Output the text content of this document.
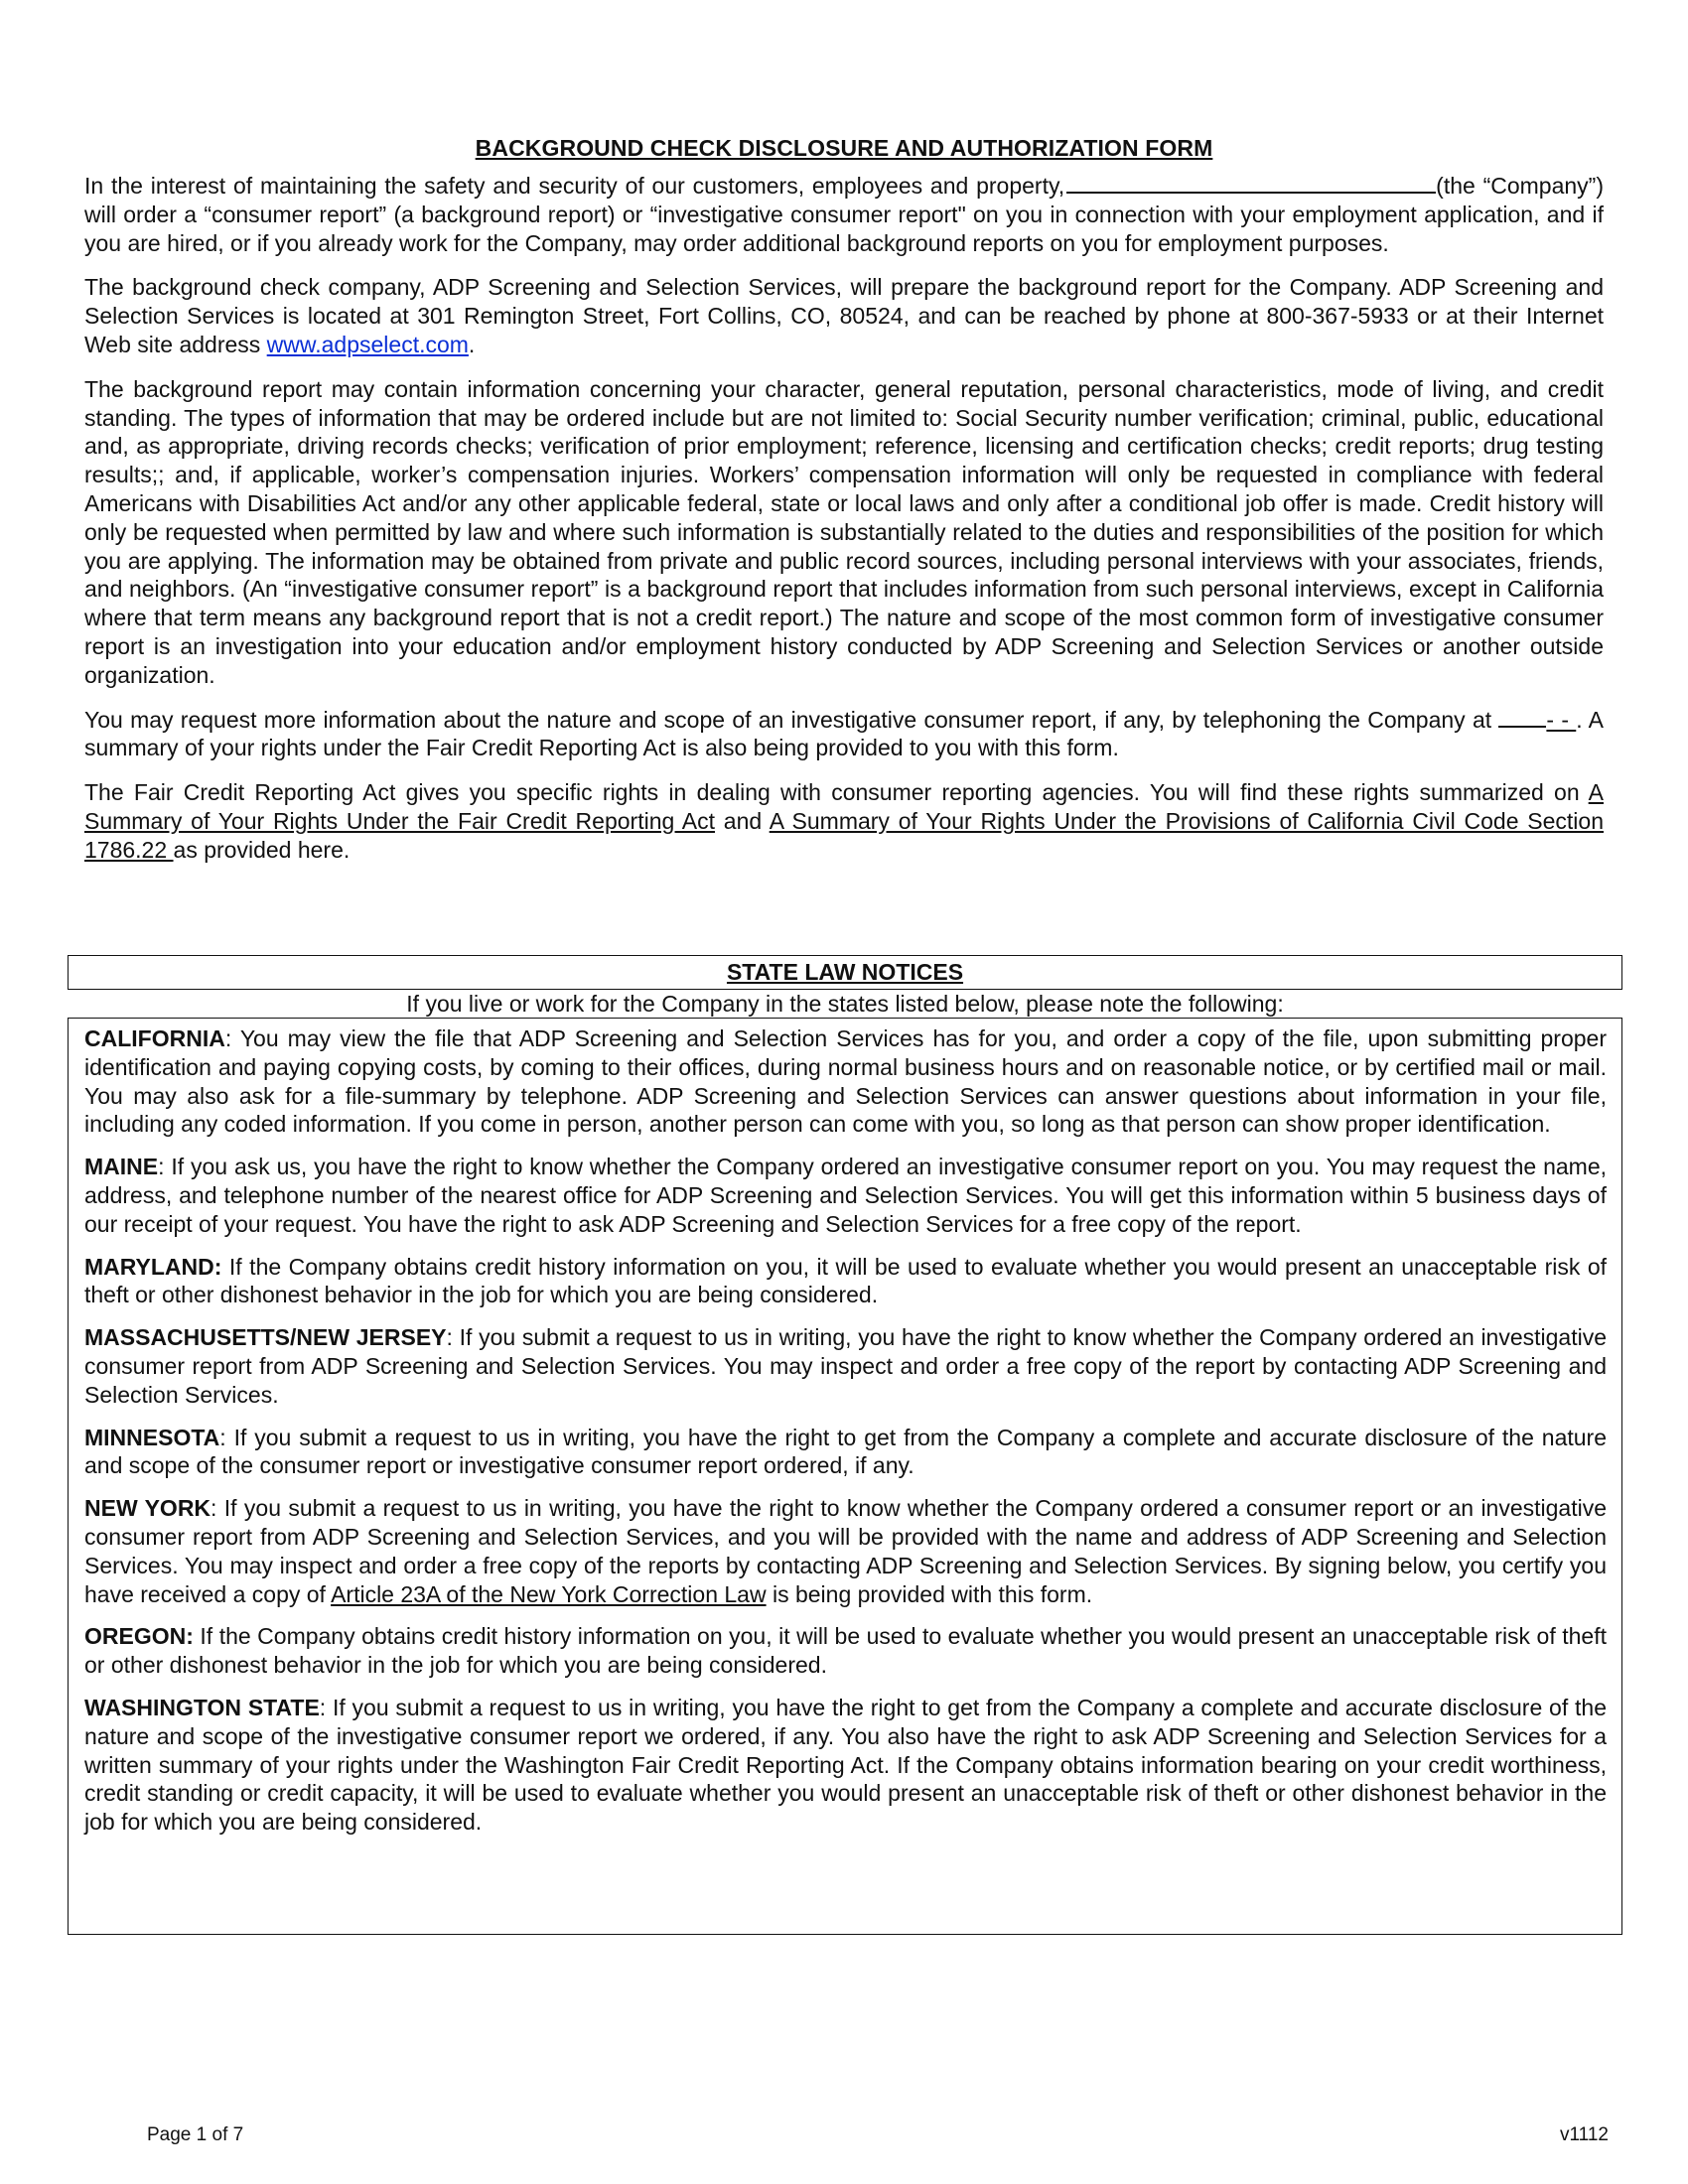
BACKGROUND CHECK DISCLOSURE AND AUTHORIZATION FORM

In the interest of maintaining the safety and security of our customers, employees and property,	(the “Company”) will order a “consumer report” (a background report) or “investigative consumer report" on you in connection with your employment application, and if you are hired, or if you already work for the Company, may order additional background reports on you for employment purposes.

The background check company, ADP Screening and Selection Services, will prepare the background report for the Company. ADP Screening and Selection Services is located at 301 Remington Street, Fort Collins, CO, 80524, and can be reached by phone at 800-367-5933 or at their Internet Web site address www.adpselect.com.

The background report may contain information concerning your character, general reputation, personal characteristics, mode of living, and credit standing. The types of information that may be ordered include but are not limited to: Social Security number verification; criminal, public, educational and, as appropriate, driving records checks; verification of prior employment; reference, licensing and certification checks; credit reports; drug testing results;; and, if applicable, worker’s compensation injuries. Workers’ compensation information will only be requested in compliance with federal Americans with Disabilities Act and/or any other applicable federal, state or local laws and only after a conditional job offer is made. Credit history will only be requested when permitted by law and where such information is substantially related to the duties and responsibilities of the position for which you are applying. The information may be obtained from private and public record sources, including personal interviews with your associates, friends, and neighbors. (An “investigative consumer report” is a background report that includes information from such personal interviews, except in California where that term means any background report that is not a credit report.) The nature and scope of the most common form of investigative consumer report is an investigation into your education and/or employment history conducted by ADP Screening and Selection Services or another outside organization.

You may request more information about the nature and scope of an investigative consumer report, if any, by telephoning the Company at - - . A summary of your rights under the Fair Credit Reporting Act is also being provided to you with this form.

The Fair Credit Reporting Act gives you specific rights in dealing with consumer reporting agencies. You will find these rights summarized on A Summary of Your Rights Under the Fair Credit Reporting Act and A Summary of Your Rights Under the Provisions of California Civil Code Section 1786.22 as provided here.

STATE LAW NOTICES
If you live or work for the Company in the states listed below, please note the following:

CALIFORNIA: You may view the file that ADP Screening and Selection Services has for you, and order a copy of the file, upon submitting proper identification and paying copying costs, by coming to their offices, during normal business hours and on reasonable notice, or by certified mail or mail. You may also ask for a file-summary by telephone. ADP Screening and Selection Services can answer questions about information in your file, including any coded information. If you come in person, another person can come with you, so long as that person can show proper identification.

MAINE: If you ask us, you have the right to know whether the Company ordered an investigative consumer report on you. You may request the name, address, and telephone number of the nearest office for ADP Screening and Selection Services. You will get this information within 5 business days of our receipt of your request. You have the right to ask ADP Screening and Selection Services for a free copy of the report.

MARYLAND: If the Company obtains credit history information on you, it will be used to evaluate whether you would present an unacceptable risk of theft or other dishonest behavior in the job for which you are being considered.

MASSACHUSETTS/NEW JERSEY: If you submit a request to us in writing, you have the right to know whether the Company ordered an investigative consumer report from ADP Screening and Selection Services. You may inspect and order a free copy of the report by contacting ADP Screening and Selection Services.

MINNESOTA: If you submit a request to us in writing, you have the right to get from the Company a complete and accurate disclosure of the nature and scope of the consumer report or investigative consumer report ordered, if any.

NEW YORK: If you submit a request to us in writing, you have the right to know whether the Company ordered a consumer report or an investigative consumer report from ADP Screening and Selection Services, and you will be provided with the name and address of ADP Screening and Selection Services. You may inspect and order a free copy of the reports by contacting ADP Screening and Selection Services. By signing below, you certify you have received a copy of Article 23A of the New York Correction Law is being provided with this form.

OREGON: If the Company obtains credit history information on you, it will be used to evaluate whether you would present an unacceptable risk of theft or other dishonest behavior in the job for which you are being considered.

WASHINGTON STATE: If you submit a request to us in writing, you have the right to get from the Company a complete and accurate disclosure of the nature and scope of the investigative consumer report we ordered, if any. You also have the right to ask ADP Screening and Selection Services for a written summary of your rights under the Washington Fair Credit Reporting Act. If the Company obtains information bearing on your credit worthiness, credit standing or credit capacity, it will be used to evaluate whether you would present an unacceptable risk of theft or other dishonest behavior in the job for which you are being considered.

Page 1 of 7	v1112
